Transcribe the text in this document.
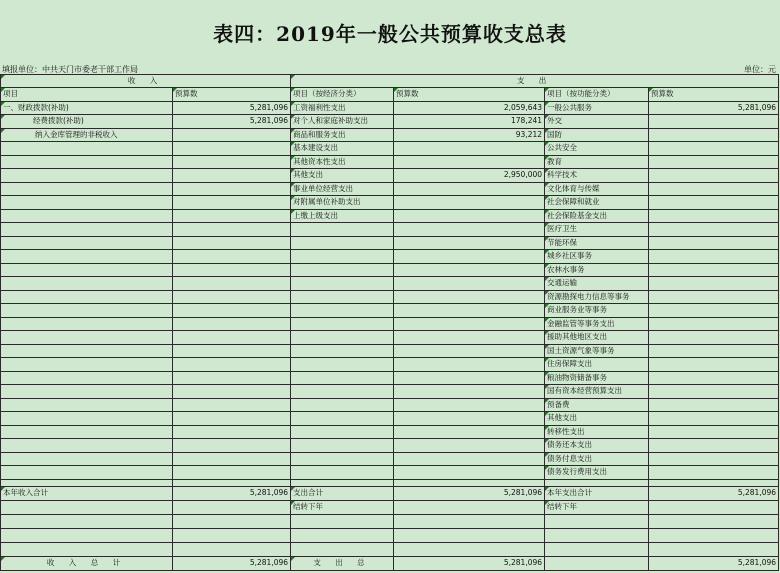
表四：2019年一般公共预算收支总表
填报单位：中共天门市委老干部工作局	单位：元
收 入		支 出			
项目	预算数	项目（按经济分类）	预算数	项目（按功能分类）	预算数
一、财政拨款(补助)	5,281,096	工资福利性支出	2,059,643	一般公共服务	5,281,096
经费拨款(补助)	5,281,096	对个人和家庭补助支出	178,241	外交	
纳入金库管理的非税收入		商品和服务支出	93,212	国防	
		基本建设支出		公共安全	
		其他资本性支出		教育	
		其他支出	2,950,000	科学技术	
		事业单位经营支出		文化体育与传媒	
		对附属单位补助支出		社会保障和就业	
		上缴上级支出		社会保险基金支出	
				医疗卫生	
				节能环保	
				城乡社区事务	
				农林水事务	
				交通运输	
				资源勘探电力信息等事务	
				商业服务业等事务	
				金融监管等事务支出	
				援助其他地区支出	
				国土资源气象等事务	
				住房保障支出	
				粮油物资储备事务	
				国有资本经营预算支出	
				预备费	
				其他支出	
				转移性支出	
				债务还本支出	
				债务付息支出	
				债务发行费用支出	

本年收入合计	5,281,096	支出合计	5,281,096	本年支出合计	5,281,096
		结转下年		结转下年	

收 入 总 计	5,281,096	支 出 总	5,281,096		5,281,096
